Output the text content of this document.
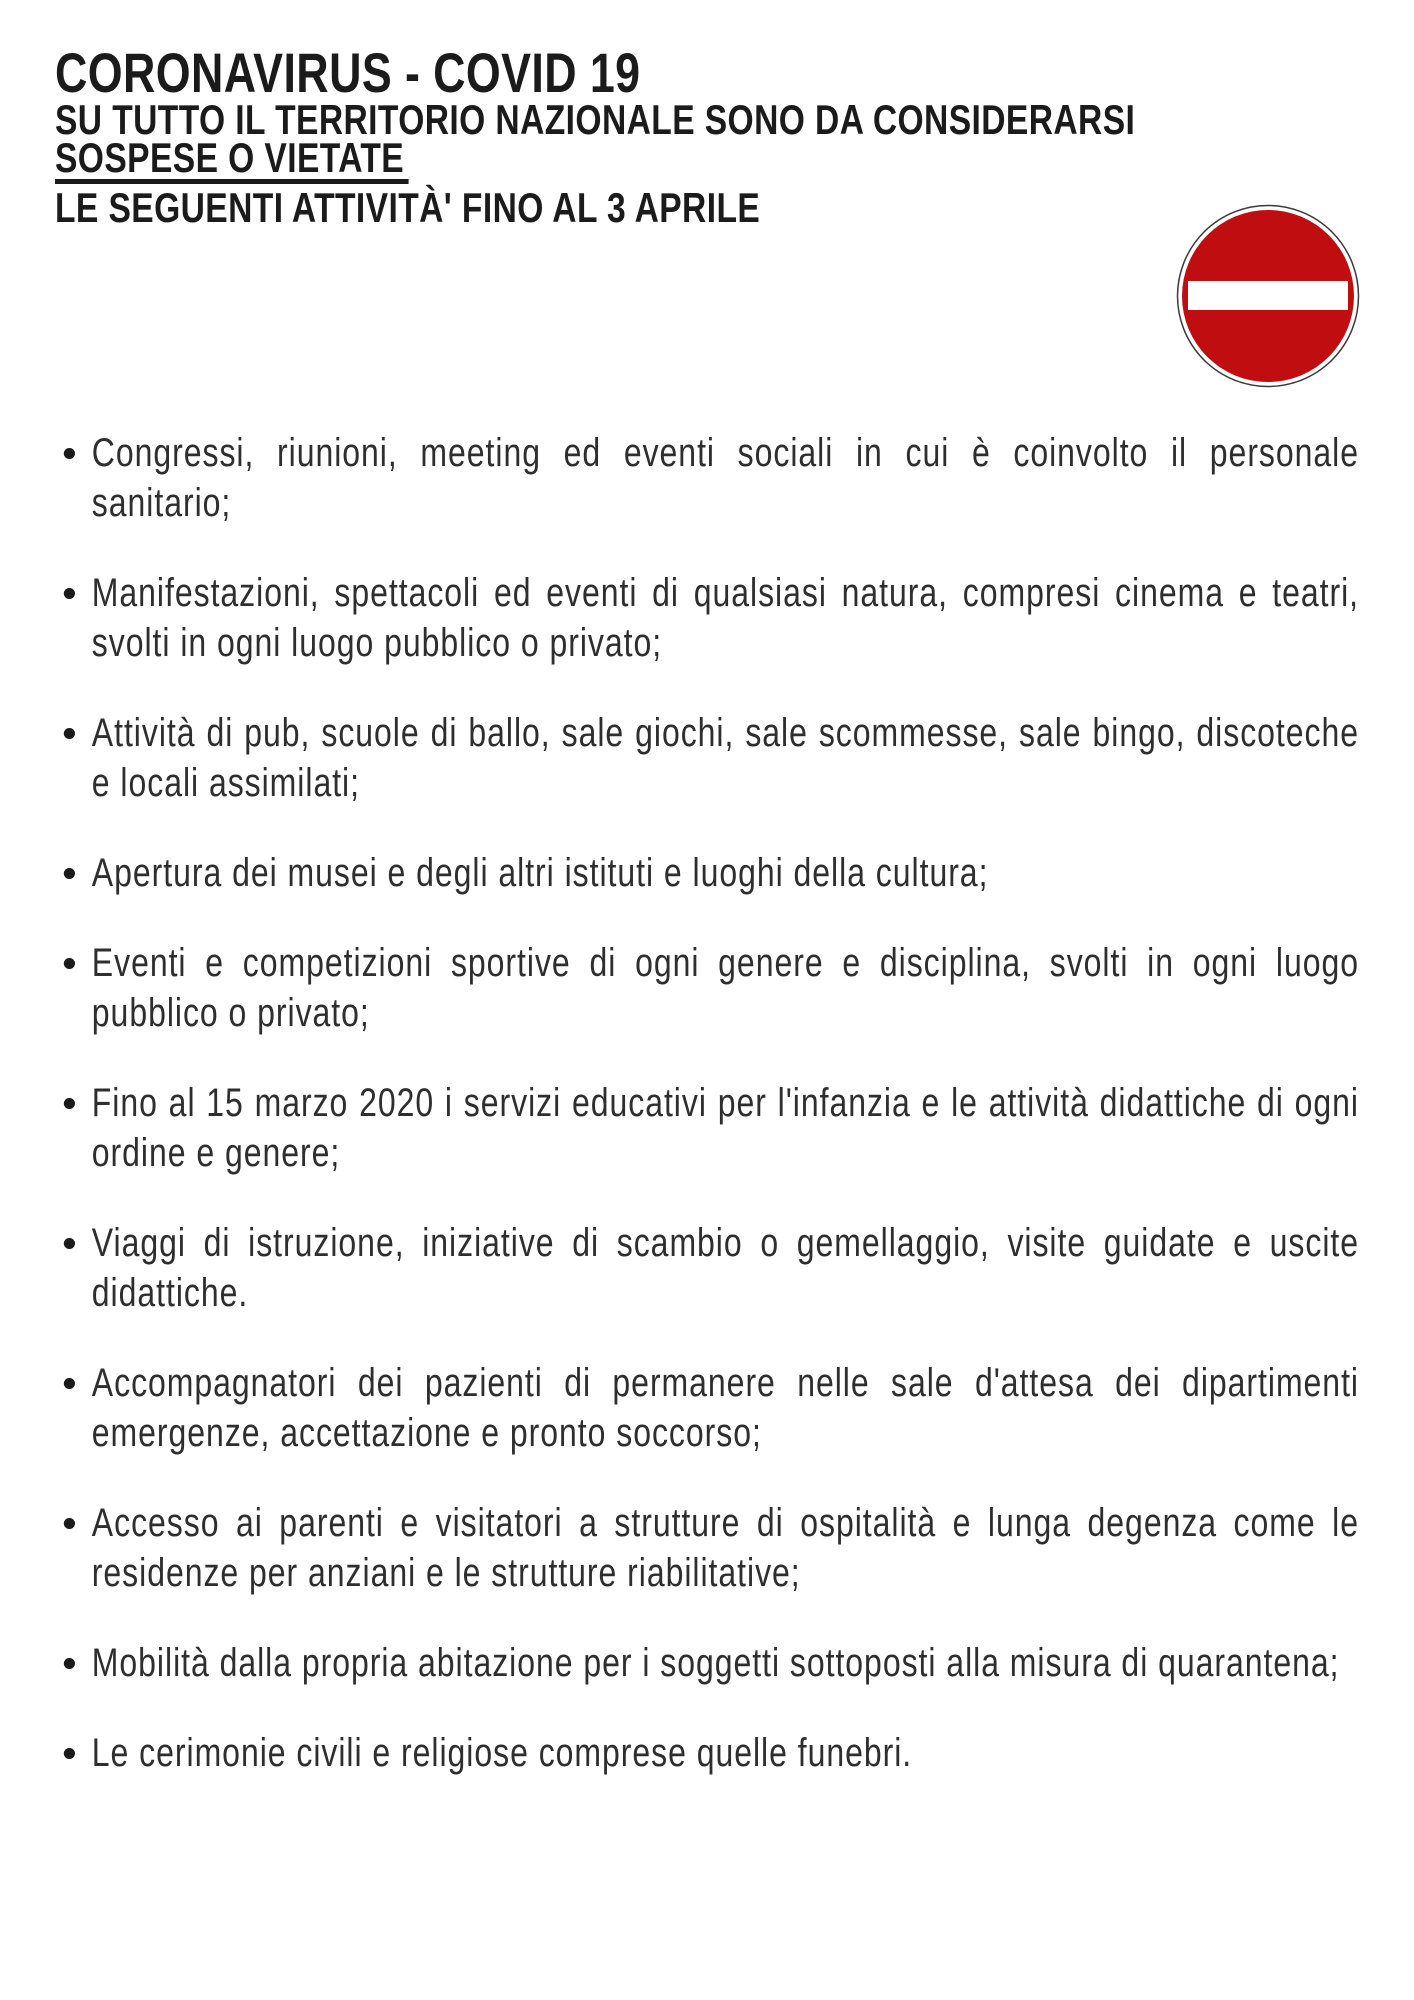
CORONAVIRUS - COVID 19
SU TUTTO IL TERRITORIO NAZIONALE SONO DA CONSIDERARSI
SOSPESE O VIETATE
LE SEGUENTI ATTIVITÀ' FINO AL 3 APRILE
Congressi, riunioni, meeting ed eventi sociali in cui è coinvolto il personale sanitario;
Manifestazioni, spettacoli ed eventi di qualsiasi natura, compresi cinema e teatri, svolti in ogni luogo pubblico o privato;
Attività di pub, scuole di ballo, sale giochi, sale scommesse, sale bingo, discoteche e locali assimilati;
Apertura dei musei e degli altri istituti e luoghi della cultura;
Eventi e competizioni sportive di ogni genere e disciplina, svolti in ogni luogo pubblico o privato;
Fino al 15 marzo 2020 i servizi educativi per l'infanzia e le attività didattiche di ogni ordine e genere;
Viaggi di istruzione, iniziative di scambio o gemellaggio, visite guidate e uscite didattiche.
Accompagnatori dei pazienti di permanere nelle sale d'attesa dei dipartimenti emergenze, accettazione e pronto soccorso;
Accesso ai parenti e visitatori a strutture di ospitalità e lunga degenza come le residenze per anziani e le strutture riabilitative;
Mobilità dalla propria abitazione per i soggetti sottoposti alla misura di quarantena;
Le cerimonie civili e religiose comprese quelle funebri.
